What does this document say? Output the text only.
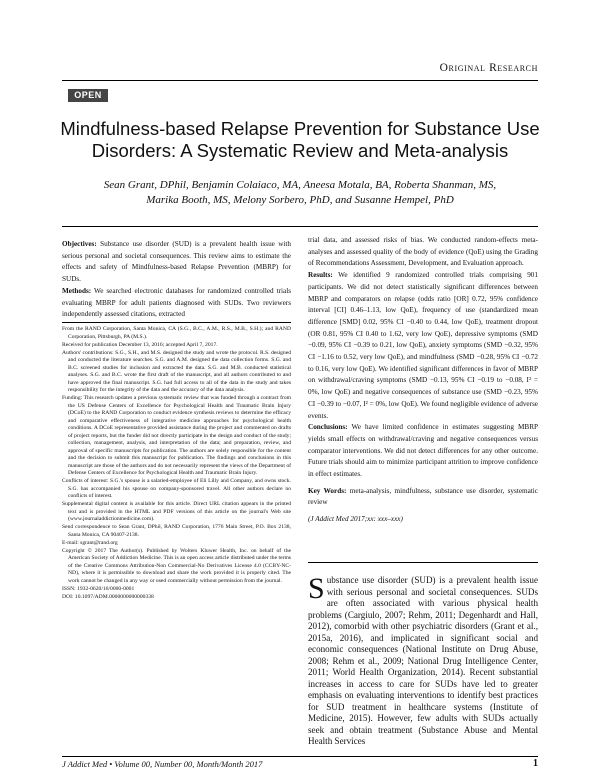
Original Research
OPEN
Mindfulness-based Relapse Prevention for Substance Use
Disorders: A Systematic Review and Meta-analysis
Sean Grant, DPhil, Benjamin Colaiaco, MA, Aneesa Motala, BA, Roberta Shanman, MS,
Marika Booth, MS, Melony Sorbero, PhD, and Susanne Hempel, PhD

Objectives: Substance use disorder (SUD) is a prevalent health issue with serious personal and societal consequences. This review aims to estimate the effects and safety of Mindfulness-based Relapse Prevention (MBRP) for SUDs.

Methods: We searched electronic databases for randomized controlled trials evaluating MBRP for adult patients diagnosed with SUDs. Two reviewers independently assessed citations, extracted

From the RAND Corporation, Santa Monica, CA (S.G., B.C., A.M., R.S., M.B., S.H.); and RAND Corporation, Pittsburgh, PA (M.S.).

Received for publication December 13, 2016; accepted April 7, 2017.

Authors' contributions: S.G., S.H., and M.S. designed the study and wrote the protocol. R.S. designed and conducted the literature searches. S.G. and A.M. designed the data collection forms. S.G. and B.C. screened studies for inclusion and extracted the data. S.G. and M.B. conducted statistical analyses. S.G. and B.C. wrote the first draft of the manuscript, and all authors contributed to and have approved the final manuscript. S.G. had full access to all of the data in the study and takes responsibility for the integrity of the data and the accuracy of the data analysis.

Funding: This research updates a previous systematic review that was funded through a contract from the US Defense Centers of Excellence for Psychological Health and Traumatic Brain Injury (DCoE) to the RAND Corporation to conduct evidence synthesis reviews to determine the efficacy and comparative effectiveness of integrative medicine approaches for psychological health conditions. A DCoE representative provided assistance during the project and commented on drafts of project reports, but the funder did not directly participate in the design and conduct of the study; collection, management, analysis, and interpretation of the data; and preparation, review, and approval of specific manuscripts for publication. The authors are solely responsible for the content and the decision to submit this manuscript for publication. The findings and conclusions in this manuscript are those of the authors and do not necessarily represent the views of the Department of Defense Centers of Excellence for Psychological Health and Traumatic Brain Injury.

Conflicts of interest: S.G.'s spouse is a salaried-employee of Eli Lilly and Company, and owns stock. S.G. has accompanied his spouse on company-sponsored travel. All other authors declare no conflicts of interest.

Supplemental digital content is available for this article. Direct URL citation appears in the printed text and is provided in the HTML and PDF versions of this article on the journal's Web site (www.journaladdictionmedicine.com).

Send correspondence to Sean Grant, DPhil, RAND Corporation, 1776 Main Street, P.O. Box 2138, Santa Monica, CA 90407-2138.

E-mail: sgrant@rand.org

Copyright © 2017 The Author(s). Published by Wolters Kluwer Health, Inc. on behalf of the American Society of Addiction Medicine. This is an open access article distributed under the terms of the Creative Commons Attribution-Non Commercial-No Derivatives License 4.0 (CCBY-NC-ND), where it is permissible to download and share the work provided it is properly cited. The work cannot be changed in any way or used commercially without permission from the journal.

ISSN: 1932-0620/16/0000-0001

DOI: 10.1097/ADM.0000000000000338

trial data, and assessed risks of bias. We conducted random-effects meta-analyses and assessed quality of the body of evidence (QoE) using the Grading of Recommendations Assessment, Development, and Evaluation approach.

Results: We identified 9 randomized controlled trials comprising 901 participants. We did not detect statistically significant differences between MBRP and comparators on relapse (odds ratio [OR] 0.72, 95% confidence interval [CI] 0.46–1.13, low QoE), frequency of use (standardized mean difference [SMD] 0.02, 95% CI −0.40 to 0.44, low QoE), treatment dropout (OR 0.81, 95% CI 0.40 to 1.62, very low QoE), depressive symptoms (SMD −0.09, 95% CI −0.39 to 0.21, low QoE), anxiety symptoms (SMD −0.32, 95% CI −1.16 to 0.52, very low QoE), and mindfulness (SMD −0.28, 95% CI −0.72 to 0.16, very low QoE). We identified significant differences in favor of MBRP on withdrawal/craving symptoms (SMD −0.13, 95% CI −0.19 to −0.08, I² = 0%, low QoE) and negative consequences of substance use (SMD −0.23, 95% CI −0.39 to −0.07, I² = 0%, low QoE). We found negligible evidence of adverse events.

Conclusions: We have limited confidence in estimates suggesting MBRP yields small effects on withdrawal/craving and negative consequences versus comparator interventions. We did not detect differences for any other outcome. Future trials should aim to minimize participant attrition to improve confidence in effect estimates.

Key Words: meta-analysis, mindfulness, substance use disorder, systematic review

(J Addict Med 2017;xx: xxx–xxx)

Substance use disorder (SUD) is a prevalent health issue with serious personal and societal consequences. SUDs are often associated with various physical health problems (Cargiulo, 2007; Rehm, 2011; Degenhardt and Hall, 2012), comorbid with other psychiatric disorders (Grant et al., 2015a, 2016), and implicated in significant social and economic consequences (National Institute on Drug Abuse, 2008; Rehm et al., 2009; National Drug Intelligence Center, 2011; World Health Organization, 2014). Recent substantial increases in access to care for SUDs have led to greater emphasis on evaluating interventions to identify best practices for SUD treatment in healthcare systems (Institute of Medicine, 2015). However, few adults with SUDs actually seek and obtain treatment (Substance Abuse and Mental Health Services
J Addict Med • Volume 00, Number 00, Month/Month 2017	1
